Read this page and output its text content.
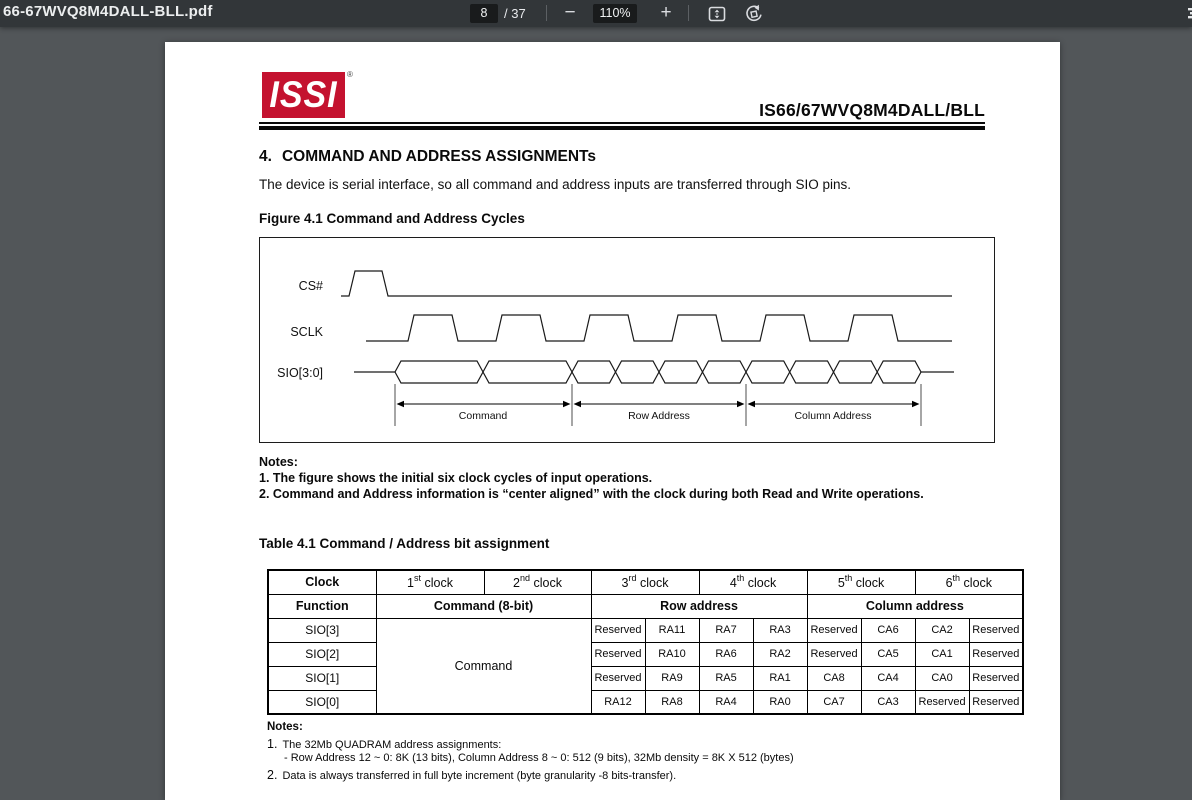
66-67WVQ8M4DALL-BLL.pdf	8	/ 37 −	110%	+
ISSI ®
IS66/67WVQ8M4DALL/BLL
4. COMMAND AND ADDRESS ASSIGNMENTs
The device is serial interface, so all command and address inputs are transferred through SIO pins.
Figure 4.1 Command and Address Cycles
CS#
SCLK
SIO[3:0]
Command	Row Address	Column Address
Notes:
1. The figure shows the initial six clock cycles of input operations.
2. Command and Address information is “center aligned” with the clock during both Read and Write operations.
Table 4.1 Command / Address bit assignment
Clock	1st clock	2nd clock	3rd clock		4th clock		5th clock		6th clock	
Function	Command (8-bit)		Row address				Column address			
SIO[3]	Command		Reserved	RA11	RA7	RA3	Reserved	CA6	CA2	Reserved
SIO[2]			Reserved	RA10	RA6	RA2	Reserved	CA5	CA1	Reserved
SIO[1]			Reserved	RA9	RA5	RA1	CA8	CA4	CA0	Reserved
SIO[0]			RA12	RA8	RA4	RA0	CA7	CA3	Reserved	Reserved
Notes:
1. The 32Mb QUADRAM address assignments:
- Row Address 12 ~ 0: 8K (13 bits), Column Address 8 ~ 0: 512 (9 bits), 32Mb density = 8K X 512 (bytes)
2. Data is always transferred in full byte increment (byte granularity -8 bits-transfer).
